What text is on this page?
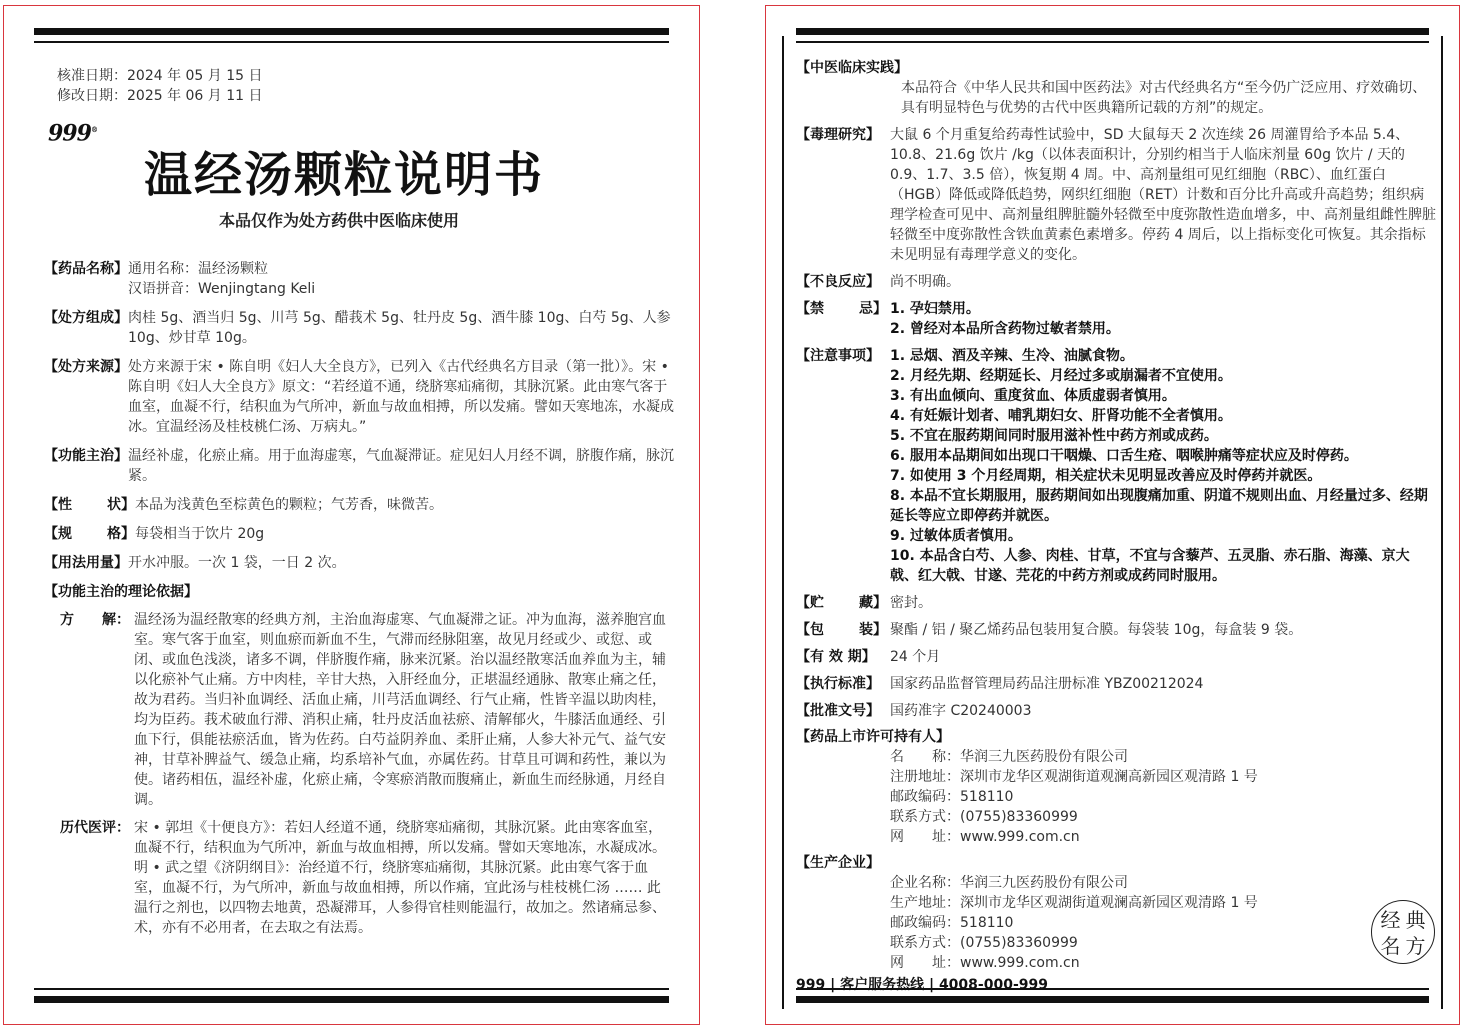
核准日期：2024 年 05 月 15 日
修改日期：2025 年 06 月 11 日
999®
温经汤颗粒说明书
本品仅作为处方药供中医临床使用
【药品名称】 通用名称：温经汤颗粒
汉语拼音：Wenjingtang Keli
【处方组成】 肉桂 5g、酒当归 5g、川芎 5g、醋莪术 5g、牡丹皮 5g、酒牛膝 10g、白芍 5g、人参 10g、炒甘草 10g。
【处方来源】 处方来源于宋 • 陈自明《妇人大全良方》，已列入《古代经典名方目录（第一批）》。宋 • 陈自明《妇人大全良方》原文：“若经道不通，绕脐寒疝痛彻，其脉沉紧。此由寒气客于血室，血凝不行，结积血为气所冲，新血与故血相搏，所以发痛。譬如天寒地冻，水凝成冰。宜温经汤及桂枝桃仁汤、万病丸。”
【功能主治】 温经补虚，化瘀止痛。用于血海虚寒，气血凝滞证。症见妇人月经不调，脐腹作痛，脉沉紧。
【性	状】 本品为浅黄色至棕黄色的颗粒；气芳香，味微苦。
【规	格】 每袋相当于饮片 20g
【用法用量】 开水冲服。一次 1 袋，一日 2 次。
【功能主治的理论依据】
方 解： 温经汤为温经散寒的经典方剂，主治血海虚寒、气血凝滞之证。冲为血海，滋养胞宫血室。寒气客于血室，则血瘀而新血不生，气滞而经脉阻塞，故见月经或少、或愆、或闭、或血色浅淡，诸多不调，伴脐腹作痛，脉来沉紧。治以温经散寒活血养血为主，辅以化瘀补气止痛。方中肉桂，辛甘大热，入肝经血分，正堪温经通脉、散寒止痛之任，故为君药。当归补血调经、活血止痛，川芎活血调经、行气止痛，性皆辛温以助肉桂，均为臣药。莪术破血行滞、消积止痛，牡丹皮活血祛瘀、清解郁火，牛膝活血通经、引血下行，俱能祛瘀活血，皆为佐药。白芍益阴养血、柔肝止痛，人参大补元气、益气安神，甘草补脾益气、缓急止痛，均系培补气血，亦属佐药。甘草且可调和药性，兼以为使。诸药相伍，温经补虚，化瘀止痛，令寒瘀消散而腹痛止，新血生而经脉通，月经自调。
历代医评： 宋 • 郭坦《十便良方》：若妇人经道不通，绕脐寒疝痛彻，其脉沉紧。此由寒客血室，血凝不行，结积血为气所冲，新血与故血相搏，所以发痛。譬如天寒地冻，水凝成冰。明 • 武之望《济阴纲目》：治经道不行，绕脐寒疝痛彻，其脉沉紧。此由寒气客于血室，血凝不行，为气所冲，新血与故血相搏，所以作痛，宜此汤与桂枝桃仁汤 …… 此温行之剂也，以四物去地黄，恐凝滞耳，人参得官桂则能温行，故加之。然诸痛忌参、术，亦有不必用者，在去取之有法焉。
【中医临床实践】
本品符合《中华人民共和国中医药法》对古代经典名方“至今仍广泛应用、疗效确切、具有明显特色与优势的古代中医典籍所记载的方剂”的规定。
【毒理研究】 大鼠 6 个月重复给药毒性试验中，SD 大鼠每天 2 次连续 26 周灌胃给予本品 5.4、10.8、21.6g 饮片 /kg（以体表面积计，分别约相当于人临床剂量 60g 饮片 / 天的 0.9、1.7、3.5 倍），恢复期 4 周。中、高剂量组可见红细胞（RBC）、血红蛋白（HGB）降低或降低趋势，网织红细胞（RET）计数和百分比升高或升高趋势；组织病理学检查可见中、高剂量组脾脏髓外轻微至中度弥散性造血增多，中、高剂量组雌性脾脏轻微至中度弥散性含铁血黄素色素增多。停药 4 周后，以上指标变化可恢复。其余指标未见明显有毒理学意义的变化。
【不良反应】 尚不明确。
【禁	忌】 1. 孕妇禁用。
2. 曾经对本品所含药物过敏者禁用。
【注意事项】 1. 忌烟、酒及辛辣、生冷、油腻食物。
2. 月经先期、经期延长、月经过多或崩漏者不宜使用。
3. 有出血倾向、重度贫血、体质虚弱者慎用。
4. 有妊娠计划者、哺乳期妇女、肝肾功能不全者慎用。
5. 不宜在服药期间同时服用滋补性中药方剂或成药。
6. 服用本品期间如出现口干咽燥、口舌生疮、咽喉肿痛等症状应及时停药。
7. 如使用 3 个月经周期，相关症状未见明显改善应及时停药并就医。
8. 本品不宜长期服用，服药期间如出现腹痛加重、阴道不规则出血、月经量过多、经期延长等应立即停药并就医。
9. 过敏体质者慎用。
10. 本品含白芍、人参、肉桂、甘草，不宜与含藜芦、五灵脂、赤石脂、海藻、京大戟、红大戟、甘遂、芫花的中药方剂或成药同时服用。
【贮	藏】 密封。
【包	装】 聚酯 / 铝 / 聚乙烯药品包装用复合膜。每袋装 10g，每盒装 9 袋。
【有 效 期】	24 个月
【执行标准】 国家药品监督管理局药品注册标准 YBZ00212024
【批准文号】 国药准字 C20240003
【药品上市许可持有人】
名 称： 华润三九医药股份有限公司
注册地址： 深圳市龙华区观湖街道观澜高新园区观清路 1 号
邮政编码： 518110
联系方式： (0755)83360999
网 址： www.999.com.cn
【生产企业】
企业名称： 华润三九医药股份有限公司
生产地址： 深圳市龙华区观湖街道观澜高新园区观清路 1 号
邮政编码： 518110
联系方式： (0755)83360999
网 址： www.999.com.cn
999 | 客户服务热线 | 4008-000-999
经 典
名 方
